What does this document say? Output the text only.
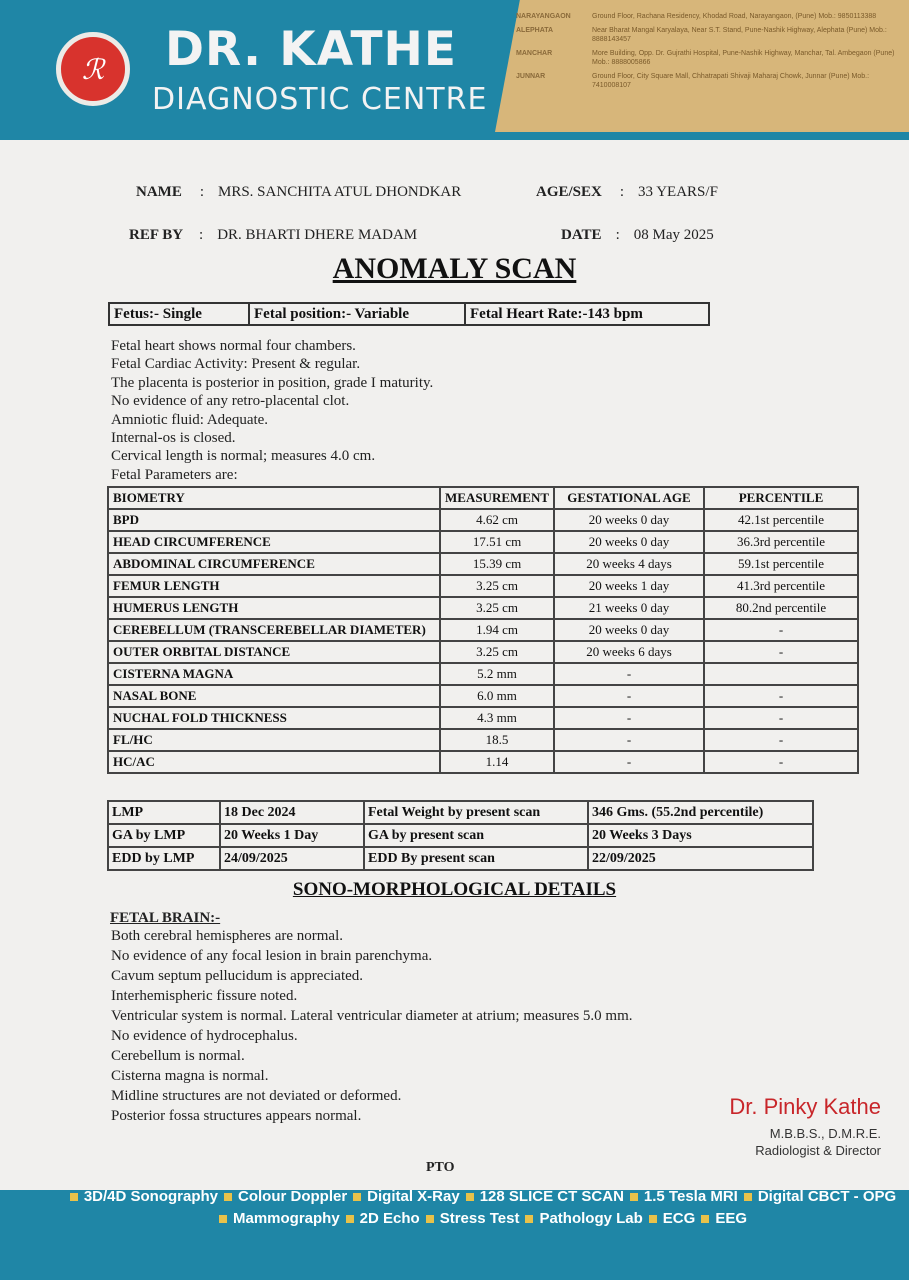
ℛ DR. KATHE
DIAGNOSTIC CENTRE
NARAYANGAON	Ground Floor, Rachana Residency, Khodad Road, Narayangaon, (Pune) Mob.: 9850113388
ALEPHATA	Near Bharat Mangal Karyalaya, Near S.T. Stand, Pune-Nashik Highway, Alephata (Pune) Mob.: 8888143457
MANCHAR	More Building, Opp. Dr. Gujrathi Hospital, Pune-Nashik Highway, Manchar, Tal. Ambegaon (Pune) Mob.: 8888005866
JUNNAR	Ground Floor, City Square Mall, Chhatrapati Shivaji Maharaj Chowk, Junnar (Pune) Mob.: 7410008107
NAME : MRS. SANCHITA ATUL DHONDKAR	AGE/SEX : 33 YEARS/F
REF BY : DR. BHARTI DHERE MADAM	DATE : 08 May 2025
ANOMALY SCAN
Fetus:- Single	Fetal position:- Variable	Fetal Heart Rate:-143 bpm
Fetal heart shows normal four chambers.
Fetal Cardiac Activity: Present & regular.
The placenta is posterior in position, grade I maturity.
No evidence of any retro-placental clot.
Amniotic fluid: Adequate.
Internal-os is closed.
Cervical length is normal; measures 4.0 cm.
Fetal Parameters are:
BIOMETRY	MEASUREMENT	GESTATIONAL AGE	PERCENTILE
BPD	4.62 cm	20 weeks 0 day	42.1st percentile
HEAD CIRCUMFERENCE	17.51 cm	20 weeks 0 day	36.3rd percentile
ABDOMINAL CIRCUMFERENCE	15.39 cm	20 weeks 4 days	59.1st percentile
FEMUR LENGTH	3.25 cm	20 weeks 1 day	41.3rd percentile
HUMERUS LENGTH	3.25 cm	21 weeks 0 day	80.2nd percentile
CEREBELLUM (TRANSCEREBELLAR DIAMETER)	1.94 cm	20 weeks 0 day	-
OUTER ORBITAL DISTANCE	3.25 cm	20 weeks 6 days	-
CISTERNA MAGNA	5.2 mm	-	
NASAL BONE	6.0 mm	-	-
NUCHAL FOLD THICKNESS	4.3 mm	-	-
FL/HC	18.5	-	-
HC/AC	1.14	-	-
LMP	18 Dec 2024	Fetal Weight by present scan	346 Gms. (55.2nd percentile)
GA by LMP	20 Weeks 1 Day	GA by present scan	20 Weeks 3 Days
EDD by LMP	24/09/2025	EDD By present scan	22/09/2025
SONO-MORPHOLOGICAL DETAILS
FETAL BRAIN:-
Both cerebral hemispheres are normal.
No evidence of any focal lesion in brain parenchyma.
Cavum septum pellucidum is appreciated.
Interhemispheric fissure noted.
Ventricular system is normal. Lateral ventricular diameter at atrium; measures 5.0 mm.
No evidence of hydrocephalus.
Cerebellum is normal.
Cisterna magna is normal.
Midline structures are not deviated or deformed.
Posterior fossa structures appears normal.	Dr. Pinky Kathe
M.B.B.S., D.M.R.E.
Radiologist & Director
PTO
3D/4D Sonography Colour Doppler Digital X-Ray 128 SLICE CT SCAN 1.5 Tesla MRI Digital CBCT - OPG
Mammography 2D Echo Stress Test Pathology Lab ECG EEG
